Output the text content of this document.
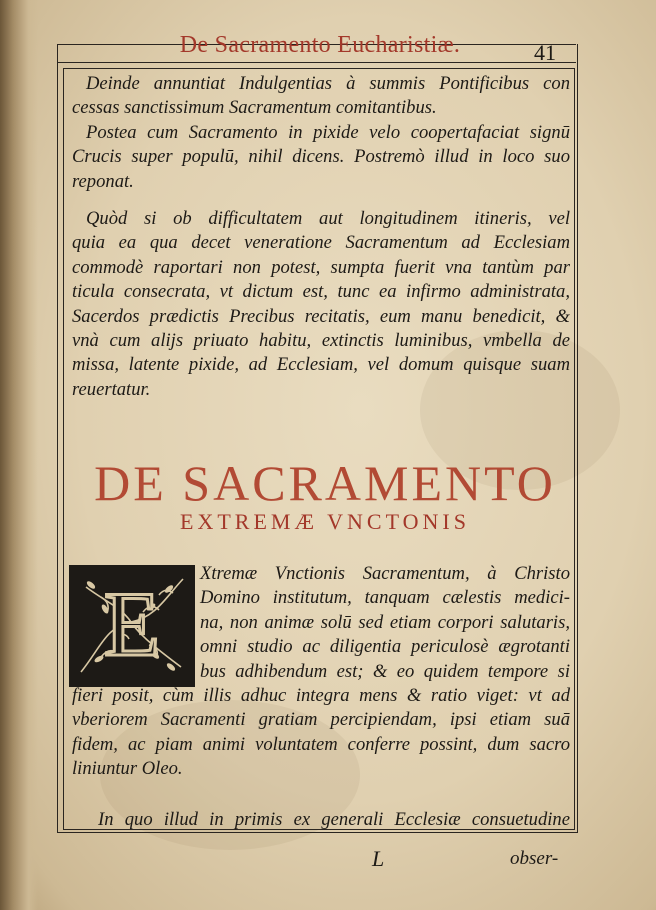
De Sacramento Eucharistiæ.	41
Deinde annuntiat Indulgentias à summis Pontificibus con
cessas sanctissimum Sacramentum comitantibus.
Postea cum Sacramento in pixide velo coopertafaciat signū
Crucis super populū, nihil dicens. Postremò illud in loco suo
reponat.
Quòd si ob difficultatem aut longitudinem itineris, vel
quia ea qua decet veneratione Sacramentum ad Ecclesiam
commodè raportari non potest, sumpta fuerit vna tantùm par
ticula consecrata, vt dictum est, tunc ea infirmo administrata,
Sacerdos prædictis Precibus recitatis, eum manu benedicit, &
vnà cum alijs priuato habitu, extinctis luminibus, vmbella de
missa, latente pixide, ad Ecclesiam, vel domum quisque suam
reuertatur.
DE SACRAMENTO
EXTREMÆ VNCTONIS
E Xtremæ Vnctionis Sacramentum, à Christo
Domino institutum, tanquam cælestis medici-
na, non animæ solū sed etiam corpori salutaris,
omni studio ac diligentia periculosè ægrotanti
bus adhibendum est; & eo quidem tempore si
fieri posit, cùm illis adhuc integra mens & ratio viget: vt ad
vberiorem Sacramenti gratiam percipiendam, ipsi etiam suā
fidem, ac piam animi voluntatem conferre possint, dum sacro
liniuntur Oleo.
In quo illud in primis ex generali Ecclesiæ consuetudine
L	obser-
